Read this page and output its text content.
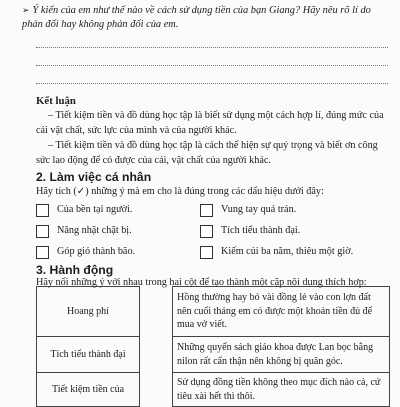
➢ Ý kiến của em như thế nào về cách sử dụng tiền của bạn Giang? Hãy nêu rõ lí do phản đối hay không phản đối của em.
Kết luận
– Tiết kiệm tiền và đồ dùng học tập là biết sử dụng một cách hợp lí, đúng mức của cải vật chất, sức lực của mình và của người khác.
– Tiết kiệm tiền và đồ dùng học tập là cách thể hiện sự quý trọng và biết ơn công sức lao động để có được của cải, vật chất của người khác.
2. Làm việc cá nhân
Hãy tích (✓) những ý mà em cho là đúng trong các dấu hiệu dưới đây:
Của bền tại người.	Vung tay quá trán.
Năng nhặt chặt bị.	Tích tiểu thành đại.
Góp gió thành bão.	Kiếm củi ba năm, thiêu một giờ.
3. Hành động
Hãy nối những ý với nhau trong hai cột để tạo thành một cặp nội dung thích hợp:
Hoang phí		Hồng thường hay bỏ vài đồng lẻ vào con lợn đất nên cuối tháng em có được một khoản tiền đủ để mua vở viết.
Tích tiểu thành đại		Những quyển sách giáo khoa được Lan bọc bằng nilon rất cẩn thận nên không bị quăn góc.
Tiết kiệm tiền của		Sử dụng đồng tiền không theo mục đích nào cả, cứ tiêu xài hết thì thôi.
